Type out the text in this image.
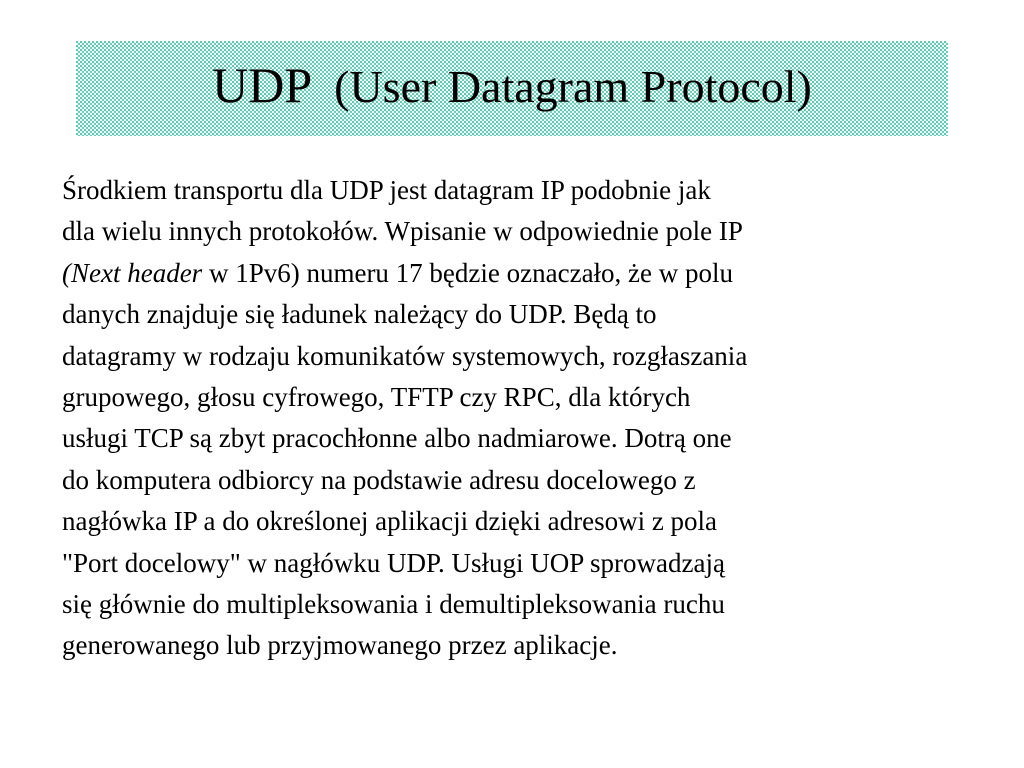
UDP (User Datagram Protocol)
Środkiem transportu dla UDP jest datagram IP podobnie jak
dla wielu innych protokołów. Wpisanie w odpowiednie pole IP
(Next header w 1Pv6) numeru 17 będzie oznaczało, że w polu
danych znajduje się ładunek należący do UDP. Będą to
datagramy w rodzaju komunikatów systemowych, rozgłaszania
grupowego, głosu cyfrowego, TFTP czy RPC, dla których
usługi TCP są zbyt pracochłonne albo nadmiarowe. Dotrą one
do komputera odbiorcy na podstawie adresu docelowego z
nagłówka IP a do określonej aplikacji dzięki adresowi z pola
"Port docelowy" w nagłówku UDP. Usługi UOP sprowadzają
się głównie do multipleksowania i demultipleksowania ruchu
generowanego lub przyjmowanego przez aplikacje.
